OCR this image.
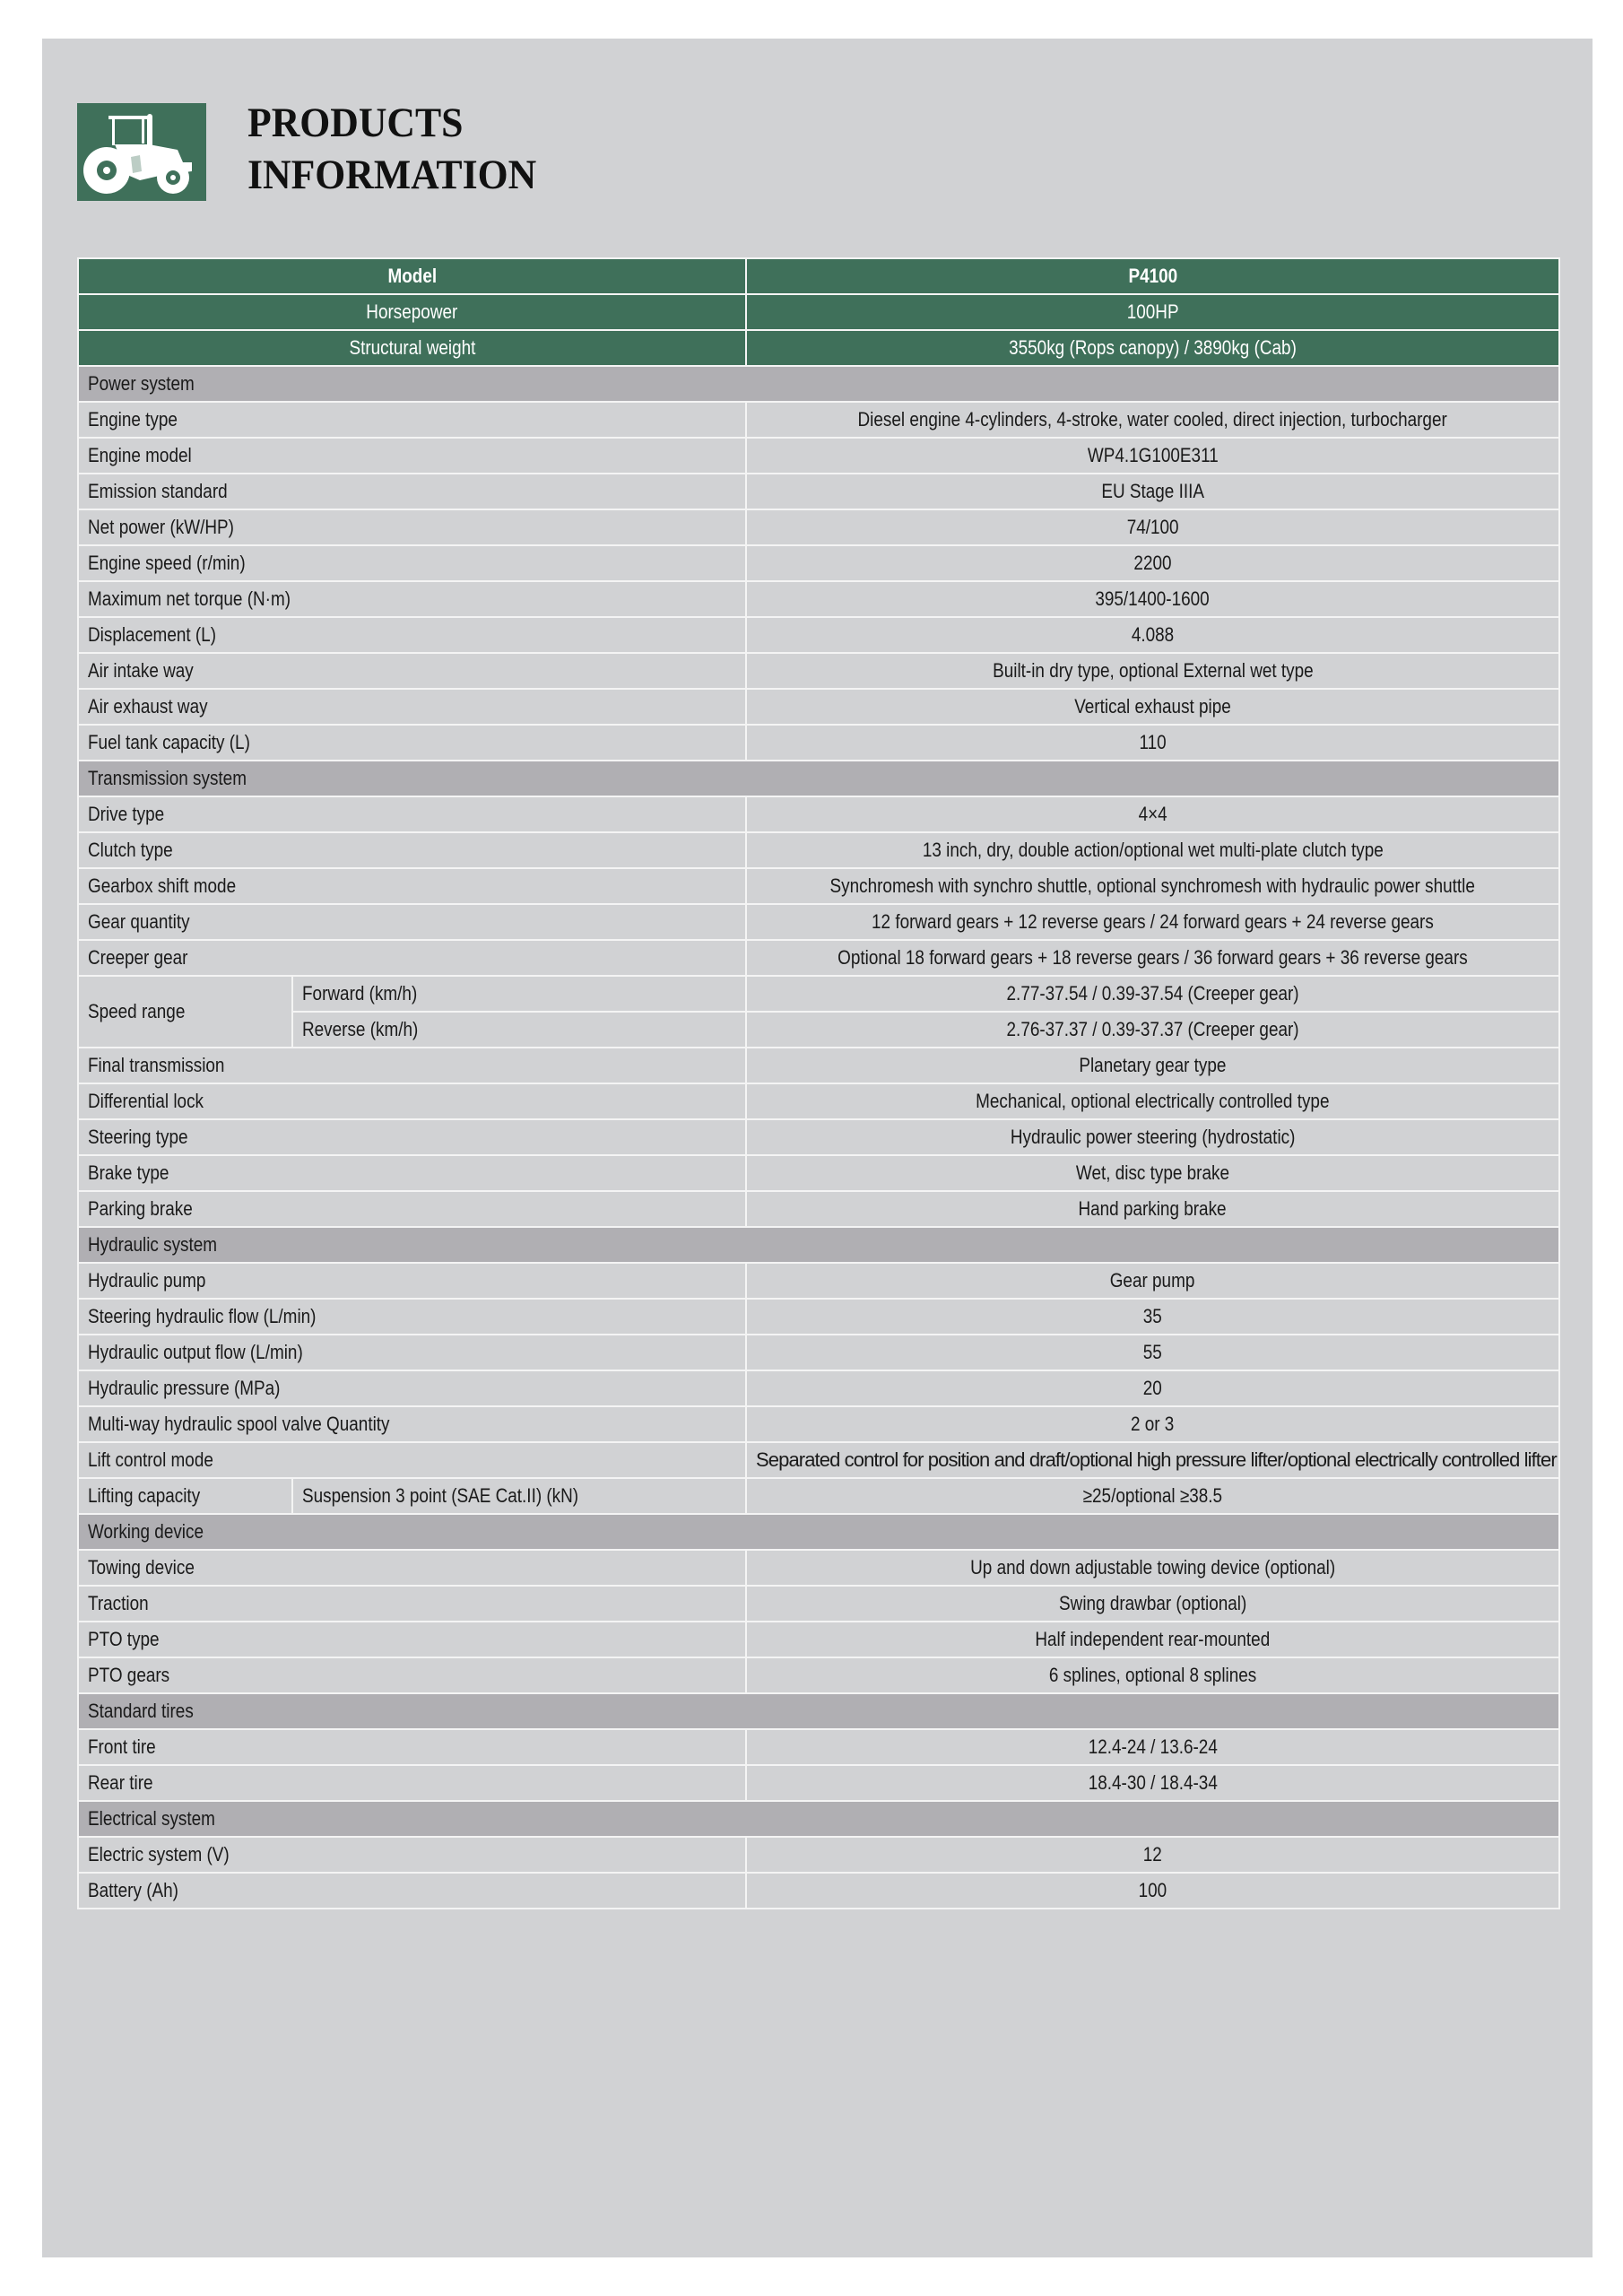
PRODUCTS
INFORMATION
Model		P4100
Horsepower		100HP
Structural weight		3550kg (Rops canopy) / 3890kg (Cab)
Power system		
Engine type		Diesel engine 4-cylinders, 4-stroke, water cooled, direct injection, turbocharger
Engine model		WP4.1G100E311
Emission standard		EU Stage IIIA
Net power (kW/HP)		74/100
Engine speed (r/min)		2200
Maximum net torque (N·m)		395/1400-1600
Displacement (L)		4.088
Air intake way		Built-in dry type, optional External wet type
Air exhaust way		Vertical exhaust pipe
Fuel tank capacity (L)		110
Transmission system		
Drive type		4×4
Clutch type		13 inch, dry, double action/optional wet multi-plate clutch type
Gearbox shift mode		Synchromesh with synchro shuttle, optional synchromesh with hydraulic power shuttle
Gear quantity		12 forward gears + 12 reverse gears / 24 forward gears + 24 reverse gears
Creeper gear		Optional 18 forward gears + 18 reverse gears / 36 forward gears + 36 reverse gears
Speed range	Forward (km/h)	2.77-37.54 / 0.39-37.54 (Creeper gear)
	Reverse (km/h)	2.76-37.37 / 0.39-37.37 (Creeper gear)
Final transmission		Planetary gear type
Differential lock		Mechanical, optional electrically controlled type
Steering type		Hydraulic power steering (hydrostatic)
Brake type		Wet, disc type brake
Parking brake		Hand parking brake
Hydraulic system		
Hydraulic pump		Gear pump
Steering hydraulic flow (L/min)		35
Hydraulic output flow (L/min)		55
Hydraulic pressure (MPa)		20
Multi-way hydraulic spool valve Quantity		2 or 3
Lift control mode		Separated control for position and draft/optional high pressure lifter/optional electrically controlled lifter
Lifting capacity	Suspension 3 point (SAE Cat.II) (kN)	≥25/optional ≥38.5
Working device		
Towing device		Up and down adjustable towing device (optional)
Traction		Swing drawbar (optional)
PTO type		Half independent rear-mounted
PTO gears		6 splines, optional 8 splines
Standard tires		
Front tire		12.4-24 / 13.6-24
Rear tire		18.4-30 / 18.4-34
Electrical system		
Electric system (V)		12
Battery (Ah)		100
